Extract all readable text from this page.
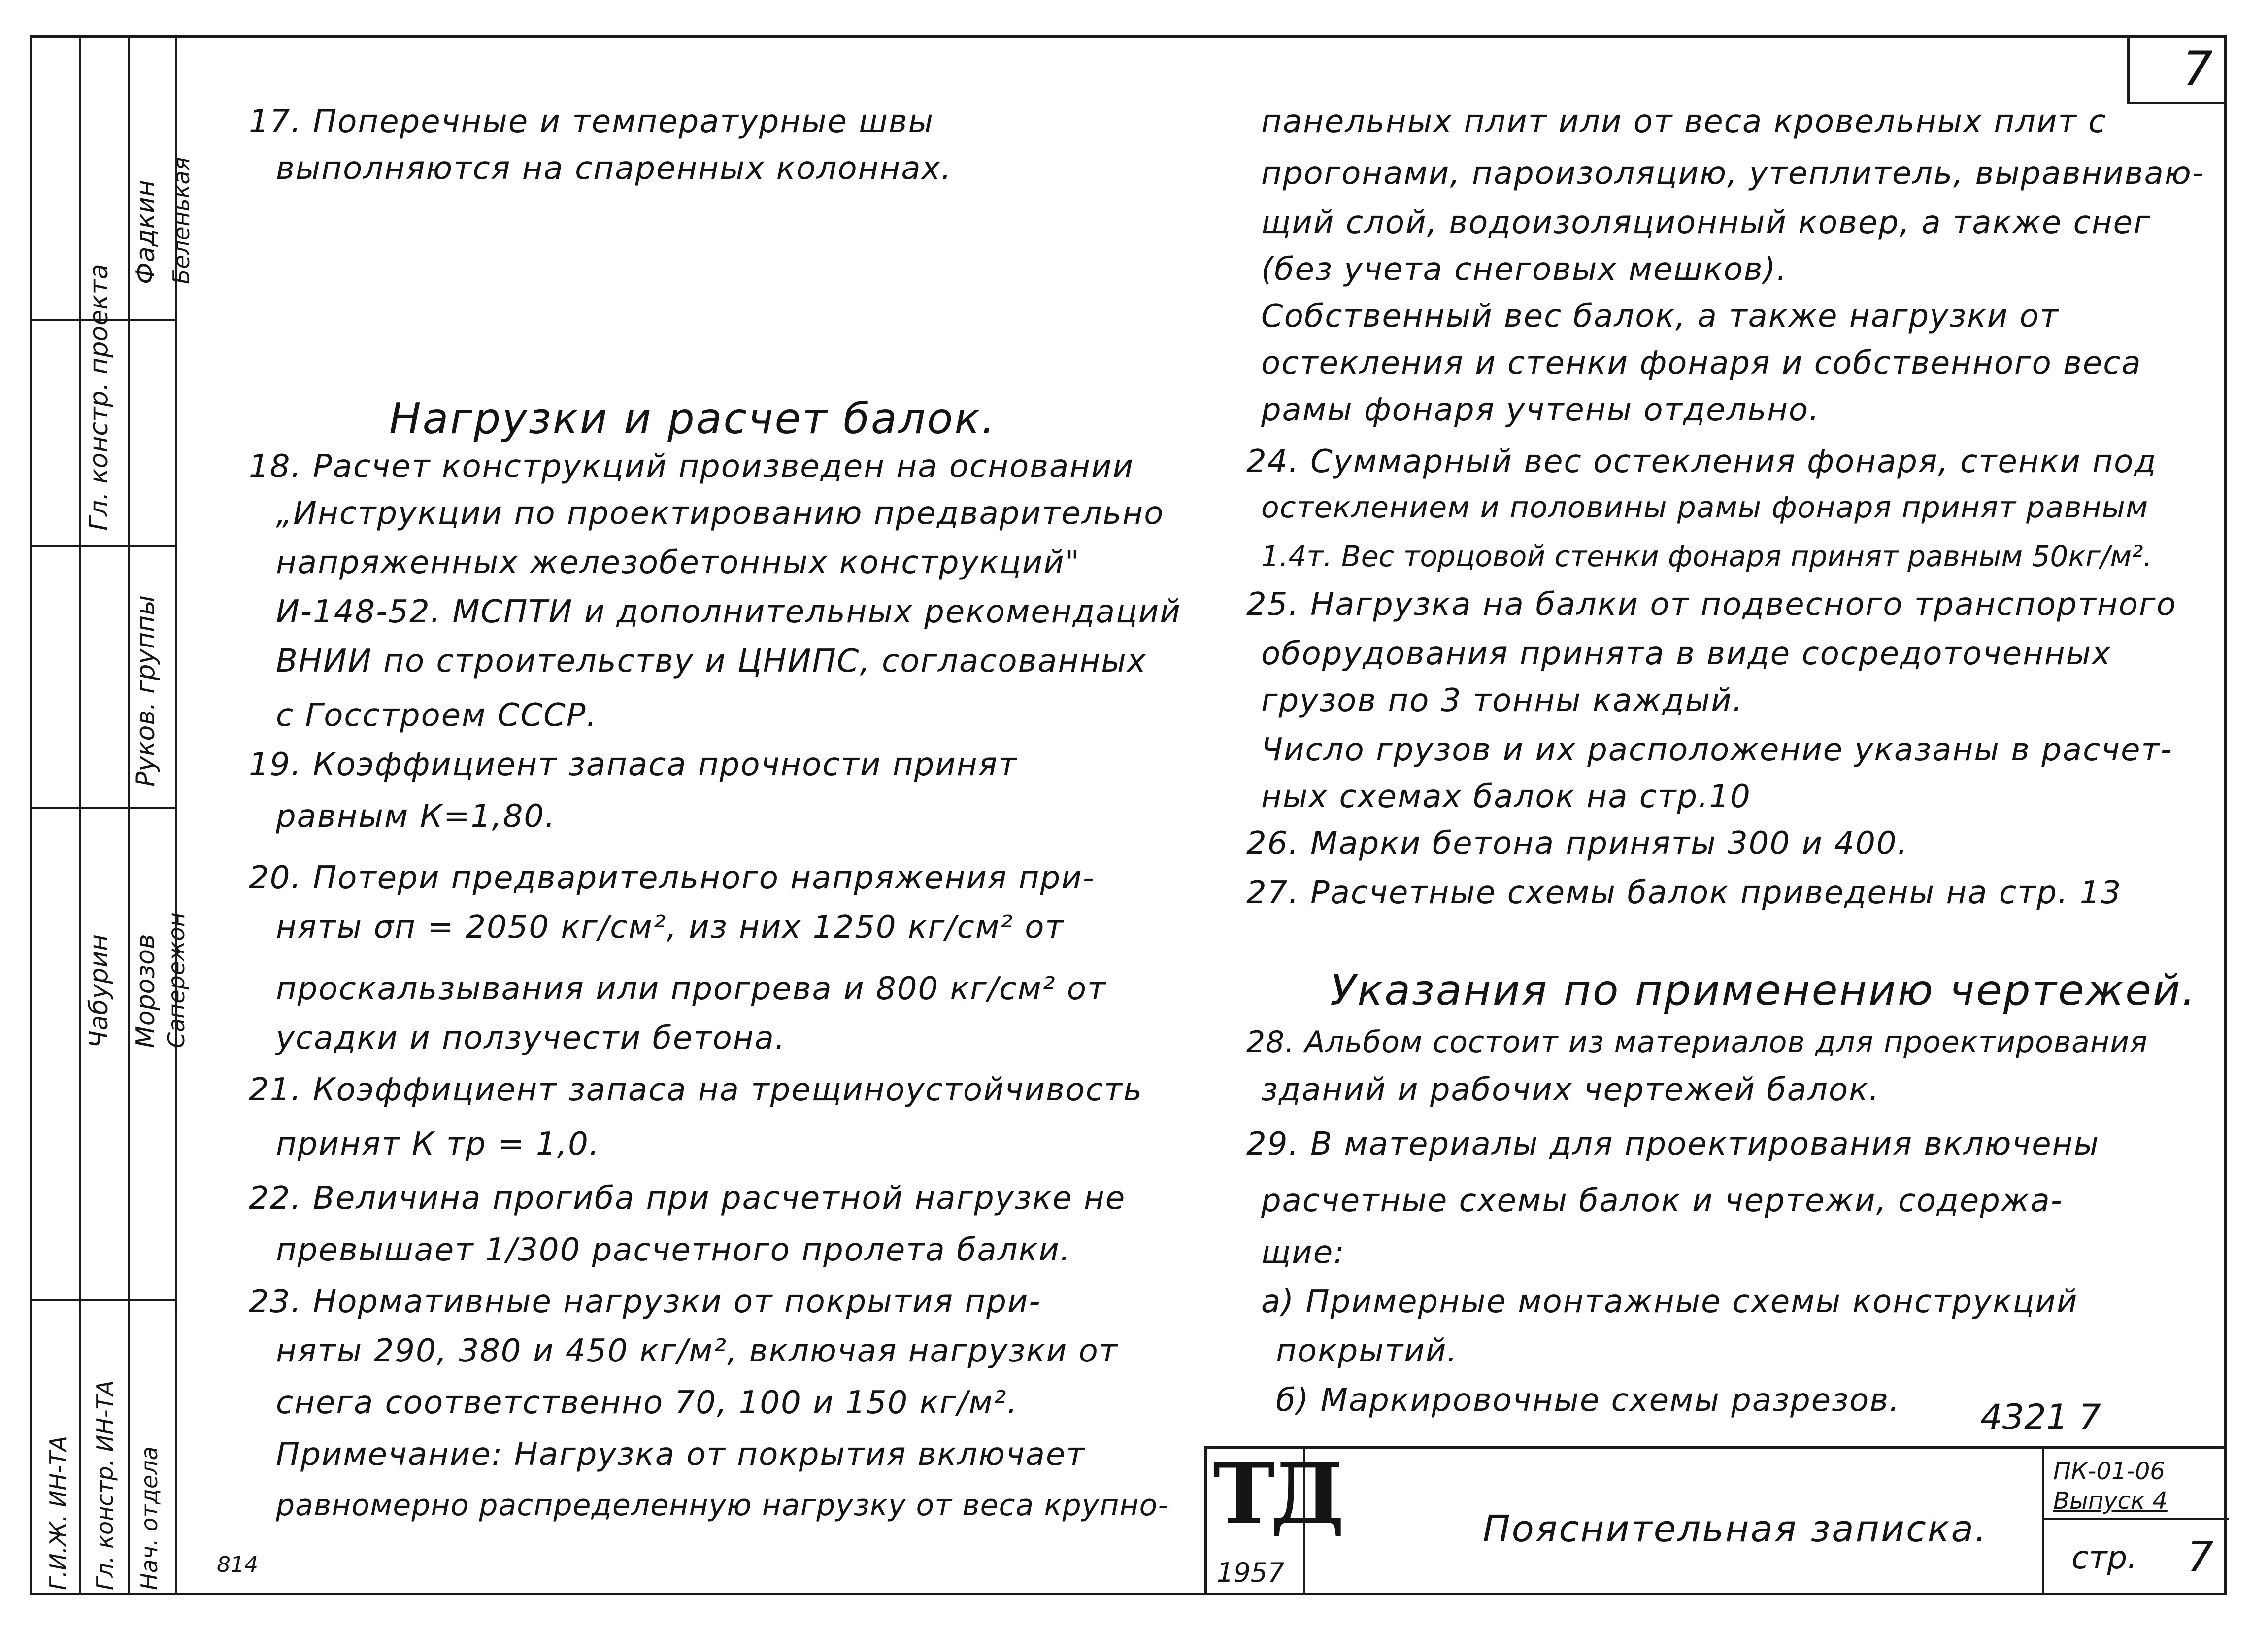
Фадкин
Гл. констр. проекта
Руков. группы
Чабурин Морозов Сапережон
Г.И.Ж. ИН-ТА Гл. констр. ИН-ТА Нач. отдела
Беленькая
7
17. Поперечные и температурные швы
выполняются на спаренных колоннах.
Нагрузки и расчет балок.
18. Расчет конструкций произведен на основании
„Инструкции по проектированию предварительно
напряженных железобетонных конструкций"
И-148-52. МСПТИ и дополнительных рекомендаций
ВНИИ по строительству и ЦНИПС, согласованных
с Госстроем СССР.
19. Коэффициент запаса прочности принят
равным К=1,80.
20. Потери предварительного напряжения при-
няты σп = 2050 кг/см², из них 1250 кг/см² от
проскальзывания или прогрева и 800 кг/см² от
усадки и ползучести бетона.
21. Коэффициент запаса на трещиноустойчивость
принят К тр = 1,0.
22. Величина прогиба при расчетной нагрузке не
превышает 1/300 расчетного пролета балки.
23. Нормативные нагрузки от покрытия при-
няты 290, 380 и 450 кг/м², включая нагрузки от
снега соответственно 70, 100 и 150 кг/м².
Примечание: Нагрузка от покрытия включает
равномерно распределенную нагрузку от веса крупно-
панельных плит или от веса кровельных плит с
прогонами, пароизоляцию, утеплитель, выравниваю-
щий слой, водоизоляционный ковер, а также снег
(без учета снеговых мешков).
Собственный вес балок, а также нагрузки от
остекления и стенки фонаря и собственного веса
рамы фонаря учтены отдельно.
24. Суммарный вес остекления фонаря, стенки под
остеклением и половины рамы фонаря принят равным
1.4т. Вес торцовой стенки фонаря принят равным 50кг/м².
25. Нагрузка на балки от подвесного транспортного
оборудования принята в виде сосредоточенных
грузов по 3 тонны каждый.
Число грузов и их расположение указаны в расчет-
ных схемах балок на стр.10
26. Марки бетона приняты 300 и 400.
27. Расчетные схемы балок приведены на стр. 13
Указания по применению чертежей.
28. Альбом состоит из материалов для проектирования
зданий и рабочих чертежей балок.
29. В материалы для проектирования включены
расчетные схемы балок и чертежи, содержа-
щие:
а) Примерные монтажные схемы конструкций
покрытий.
б) Маркировочные схемы разрезов. 4321 7
ТД
1957
Пояснительная записка.
ПК-01-06
Выпуск 4
стр. 7
814
